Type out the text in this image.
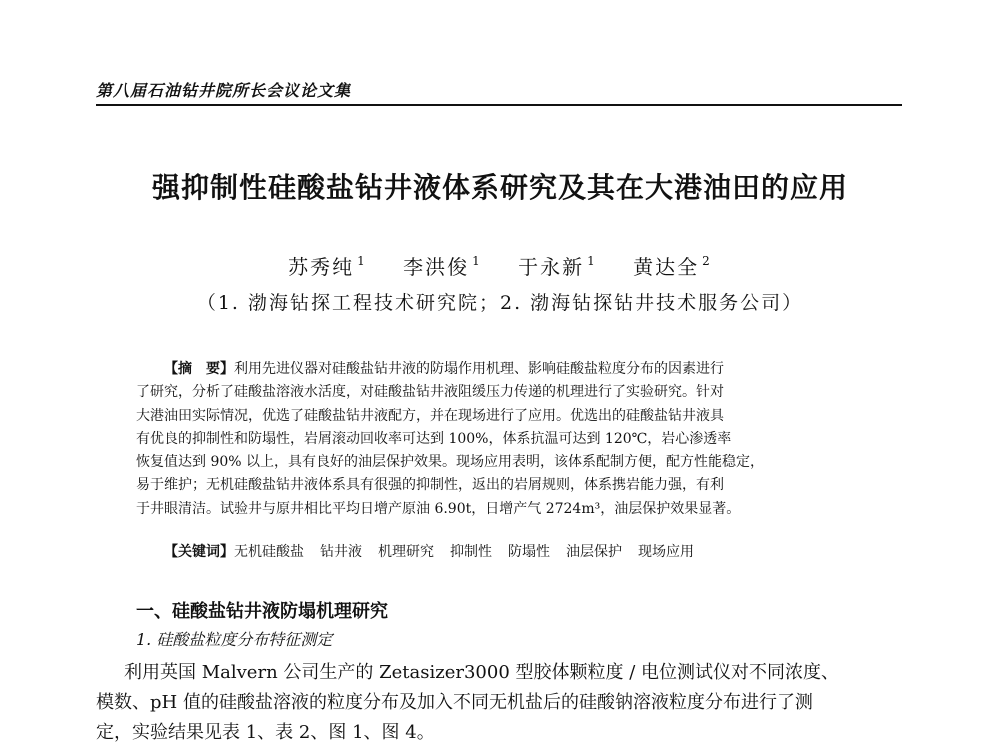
第八届石油钻井院所长会议论文集
强抑制性硅酸盐钻井液体系研究及其在大港油田的应用
苏秀纯 $^1$ 李洪俊 $^1$ 于永新 $^1$ 黄达全 $^2$
（1. 渤海钻探工程技术研究院；2. 渤海钻探钻井技术服务公司）
【摘　要】利用先进仪器对硅酸盐钻井液的防塌作用机理、影响硅酸盐粒度分布的因素进行
了研究，分析了硅酸盐溶液水活度，对硅酸盐钻井液阻缓压力传递的机理进行了实验研究。针对
大港油田实际情况，优选了硅酸盐钻井液配方，并在现场进行了应用。优选出的硅酸盐钻井液具
有优良的抑制性和防塌性，岩屑滚动回收率可达到 100%，体系抗温可达到 120℃，岩心渗透率
恢复值达到 90% 以上，具有良好的油层保护效果。现场应用表明，该体系配制方便，配方性能稳定，
易于维护；无机硅酸盐钻井液体系具有很强的抑制性，返出的岩屑规则，体系携岩能力强，有利
于井眼清洁。试验井与原井相比平均日增产原油 6.90t，日增产气 2724m³，油层保护效果显著。
【关键词】无机硅酸盐 钻井液 机理研究 抑制性 防塌性 油层保护 现场应用
一、硅酸盐钻井液防塌机理研究
1. 硅酸盐粒度分布特征测定
利用英国 Malvern 公司生产的 Zetasizer3000 型胶体颗粒度 / 电位测试仪对不同浓度、
模数、pH 值的硅酸盐溶液的粒度分布及加入不同无机盐后的硅酸钠溶液粒度分布进行了测
定，实验结果见表 1、表 2、图 1、图 4。
